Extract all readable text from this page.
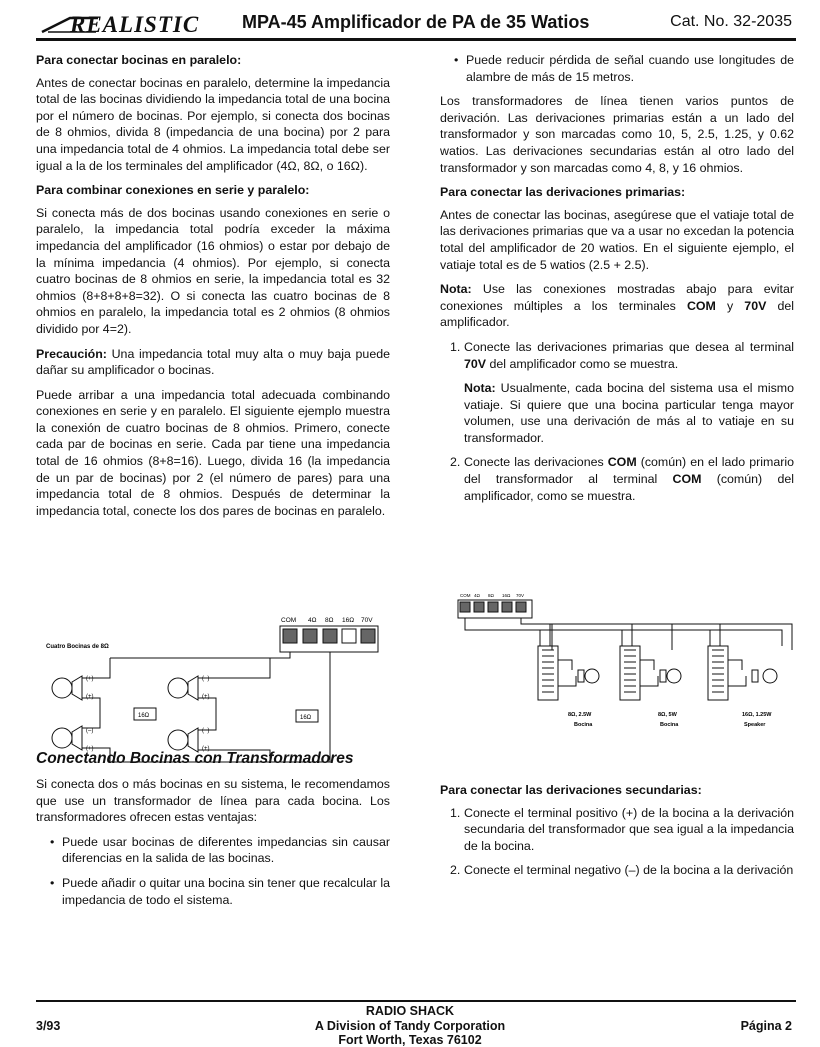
REALISTIC MPA-45 Amplificador de PA de 35 Watios	Cat. No. 32-2035
Para conectar bocinas en paralelo:

Antes de conectar bocinas en paralelo, determine la impedancia total de las bocinas dividiendo la impedancia total de una bocina por el número de bocinas. Por ejemplo, si conecta dos bocinas de 8 ohmios, divida 8 (impedancia de una bocina) por 2 para una impedancia total de 4 ohmios. La impedancia total debe ser igual a la de los terminales del amplificador (4Ω, 8Ω, o 16Ω).

Para combinar conexiones en serie y paralelo:

Si conecta más de dos bocinas usando conexiones en serie o paralelo, la impedancia total podría exceder la máxima impedancia del amplificador (16 ohmios) o estar por debajo de la mínima impedancia (4 ohmios). Por ejemplo, si conecta cuatro bocinas de 8 ohmios en serie, la impedancia total es 32 ohmios (8+8+8+8=32). O si conecta las cuatro bocinas de 8 ohmios en paralelo, la impedancia total es 2 ohmios (8 ohmios dividido por 4=2).

Precaución: Una impedancia total muy alta o muy baja puede dañar su amplificador o bocinas.

Puede arribar a una impedancia total adecuada combinando conexiones en serie y en paralelo. El siguiente ejemplo muestra la conexión de cuatro bocinas de 8 ohmios. Primero, conecte cada par de bocinas en serie. Cada par tiene una impedancia total de 16 ohmios (8+8=16). Luego, divida 16 (la impedancia de un par de bocinas) por 2 (el número de pares) para una impedancia total de 8 ohmios. Después de determinar la impedancia total, conecte los dos pares de bocinas en paralelo.

Conectando Bocinas con Transformadores

Si conecta dos o más bocinas en su sistema, le recomendamos que use un transformador de línea para cada bocina. Los transformadores ofrecen estas ventajas:

• Puede usar bocinas de diferentes impedancias sin causar diferencias en la salida de las bocinas.
• Puede añadir o quitar una bocina sin tener que recalcular la impedancia de todo el sistema.
COM 4Ω 8Ω 16Ω 70V
Cuatro Bocinas de 8Ω
(+)
(+)
(–)
(+)
(–)
(+)
(–)
(+)
16Ω	16Ω
• Puede reducir pérdida de señal cuando use longitudes de alambre de más de 15 metros.

Los transformadores de línea tienen varios puntos de derivación. Las derivaciones primarias están a un lado del transformador y son marcadas como 10, 5, 2.5, 1.25, y 0.62 watios. Las derivaciones secundarias están al otro lado del transformador y son marcadas como 4, 8, y 16 ohmios.

Para conectar las derivaciones primarias:

Antes de conectar las bocinas, asegúrese que el vatiaje total de las derivaciones primarias que va a usar no excedan la potencia total del amplificador de 20 watios. En el siguiente ejemplo, el vatiaje total es de 5 watios (2.5 + 2.5).

Nota: Use las conexiones mostradas abajo para evitar conexiones múltiples a los terminales COM y 70V del amplificador.

1. Conecte las derivaciones primarias que desea al terminal 70V del amplificador como se muestra.

Nota: Usualmente, cada bocina del sistema usa el mismo vatiaje. Si quiere que una bocina particular tenga mayor volumen, use una derivación de más al to vatiaje en su transformador.

2. Conecte las derivaciones COM (común) en el lado primario del transformador al terminal COM (común) del amplificador, como se muestra.
COM 4Ω 8Ω 16Ω 70V
8Ω, 2.5W
Bocina
8Ω, 5W
Bocina
16Ω, 1.25W
Speaker
Para conectar las derivaciones secundarias:
1. Conecte el terminal positivo (+) de la bocina a la derivación secundaria del transformador que sea igual a la impedancia de la bocina.
2. Conecte el terminal negativo (–) de la bocina a la derivación
3/93
RADIO SHACK
A Division of Tandy Corporation
Fort Worth, Texas 76102
Página 2
